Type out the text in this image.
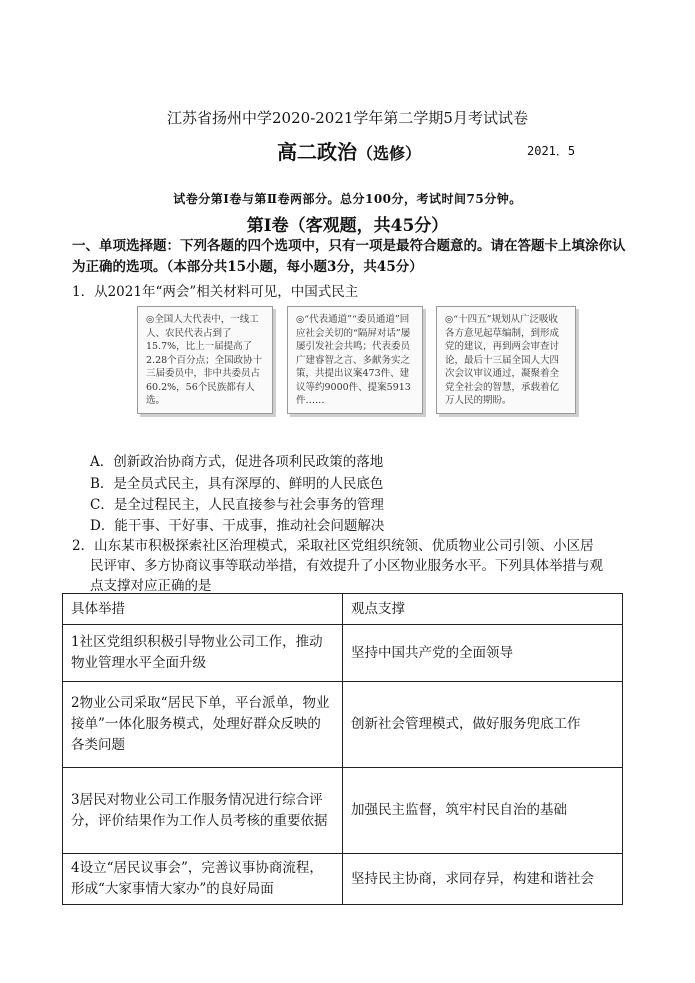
江苏省扬州中学2020-2021学年第二学期5月考试试卷
高二政治（选修）	2021．5
试卷分第Ⅰ卷与第Ⅱ卷两部分。总分100分，考试时间75分钟。
第Ⅰ卷（客观题，共45分）
一、单项选择题：下列各题的四个选项中，只有一项是最符合题意的。请在答题卡上填涂你认为正确的选项。（本部分共15小题，每小题3分，共45分）
1．从2021年“两会”相关材料可见，中国式民主
◎全国人大代表中，一线工人、农民代表占到了15.7%，比上一届提高了2.28个百分点；全国政协十三届委员中，非中共委员占60.2%，56个民族都有人选。
◎“代表通道”“委员通道”回应社会关切的“隔屏对话”屡屡引发社会共鸣；代表委员广建睿智之言、多献务实之策，共提出议案473件、建议等约9000件、提案5913件……
◎“十四五”规划从广泛吸收各方意见起草编制，到形成党的建议，再到两会审查讨论，最后十三届全国人大四次会议审议通过，凝聚着全党全社会的智慧，承载着亿万人民的期盼。
A．创新政治协商方式，促进各项利民政策的落地
B．是全员式民主，具有深厚的、鲜明的人民底色
C．是全过程民主，人民直接参与社会事务的管理
D．能干事、干好事、干成事，推动社会问题解决
2．山东某市积极探索社区治理模式，采取社区党组织统领、优质物业公司引领、小区居
民评审、多方协商议事等联动举措，有效提升了小区物业服务水平。下列具体举措与观
点支撑对应正确的是
具体举措	观点支撑
1社区党组织积极引导物业公司工作，推动物业管理水平全面升级	坚持中国共产党的全面领导
2物业公司采取“居民下单，平台派单，物业接单”一体化服务模式，处理好群众反映的各类问题	创新社会管理模式，做好服务兜底工作
3居民对物业公司工作服务情况进行综合评分，评价结果作为工作人员考核的重要依据	加强民主监督，筑牢村民自治的基础
4设立“居民议事会”，完善议事协商流程，形成“大家事情大家办”的良好局面	坚持民主协商，求同存异，构建和谐社会
